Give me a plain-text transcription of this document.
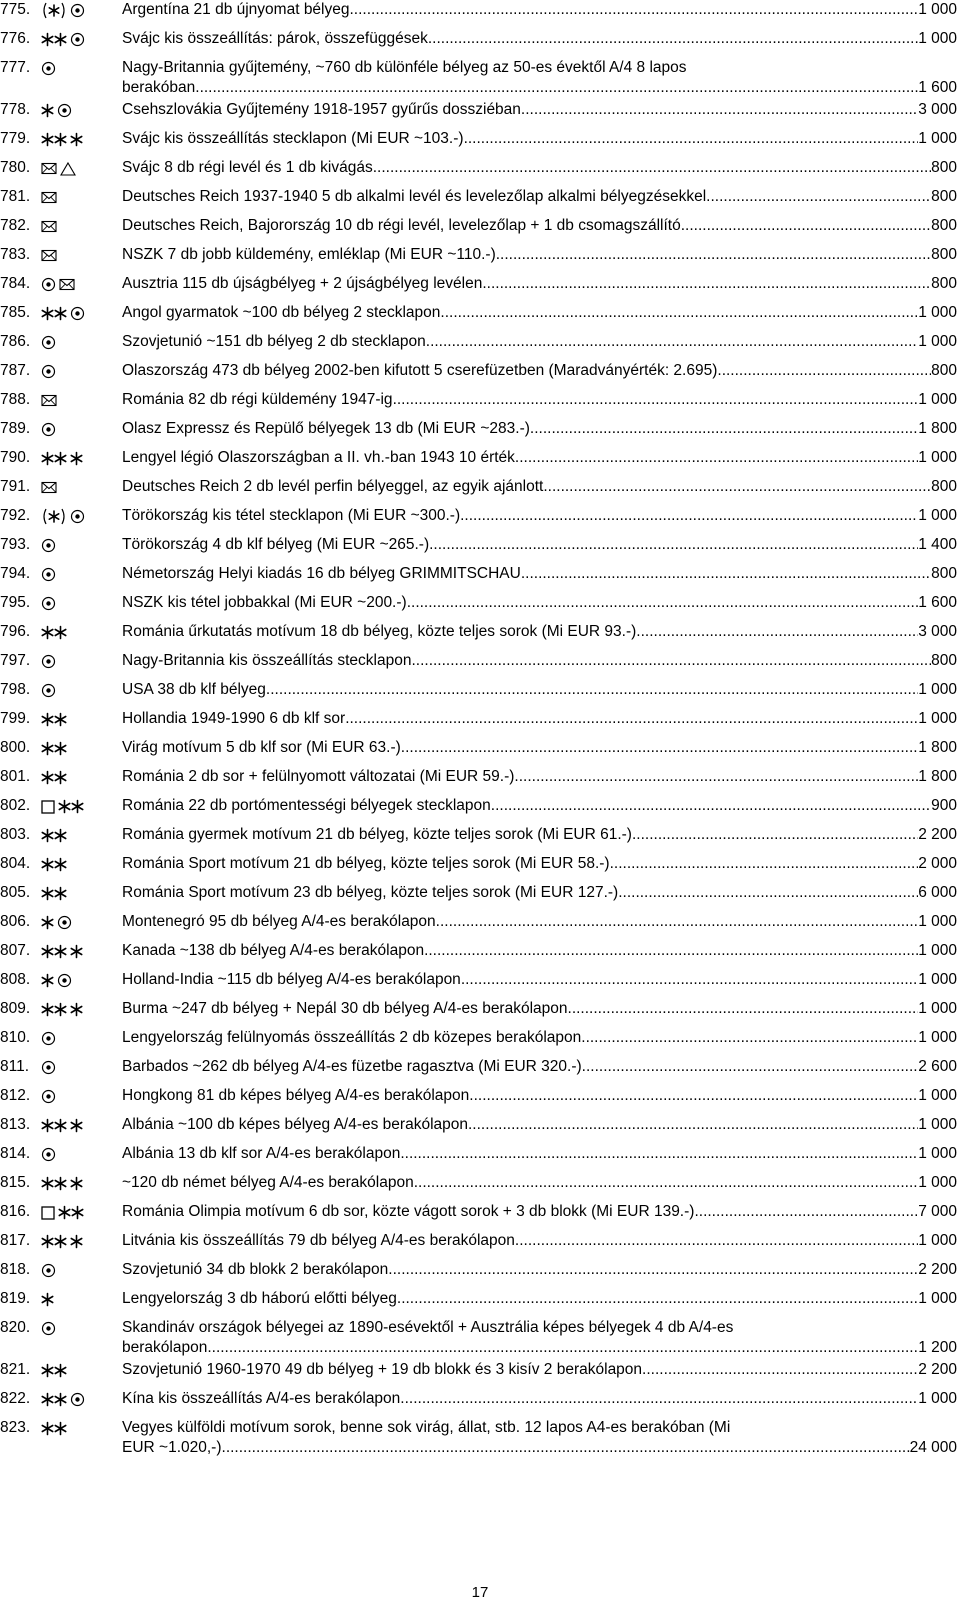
775.	Argentína 21 db újnyomat bélyeg .....	1 000
776.	Svájc kis összeállítás: párok, összefüggések .....	1 000
777.	Nagy-Britannia gyűjtemény, ~760 db különféle bélyeg az 50-es évektől A/4 8 lapos
berakóban .....	1 600
778.	Csehszlovákia Gyűjtemény 1918-1957 gyűrűs dossziéban .....	3 000
779.	Svájc kis összeállítás stecklapon (Mi EUR ~103.-) .....	1 000
780.	Svájc 8 db régi levél és 1 db kivágás .....	800
781.	Deutsches Reich 1937-1940 5 db alkalmi levél és levelezőlap alkalmi bélyegzésekkel .....	800
782.	Deutsches Reich, Bajorország 10 db régi levél, levelezőlap + 1 db csomagszállító .....	800
783.	NSZK 7 db jobb küldemény, emléklap (Mi EUR ~110.-) .....	800
784.	Ausztria 115 db újságbélyeg + 2 újságbélyeg levélen .....	800
785.	Angol gyarmatok ~100 db bélyeg 2 stecklapon .....	1 000
786.	Szovjetunió ~151 db bélyeg 2 db stecklapon .....	1 000
787.	Olaszország 473 db bélyeg 2002-ben kifutott 5 cserefüzetben (Maradványérték: 2.695) .....	800
788.	Románia 82 db régi küldemény 1947-ig .....	1 000
789.	Olasz Expressz és Repülő bélyegek 13 db (Mi EUR ~283.-) .....	1 800
790.	Lengyel légió Olaszországban a II. vh.-ban 1943 10 érték .....	1 000
791.	Deutsches Reich 2 db levél perfin bélyeggel, az egyik ajánlott .....	800
792.	Törökország kis tétel stecklapon (Mi EUR ~300.-) .....	1 000
793.	Törökország 4 db klf bélyeg (Mi EUR ~265.-) .....	1 400
794.	Németország Helyi kiadás 16 db bélyeg GRIMMITSCHAU .....	800
795.	NSZK kis tétel jobbakkal (Mi EUR ~200.-) .....	1 600
796.	Románia űrkutatás motívum 18 db bélyeg, közte teljes sorok (Mi EUR 93.-) .....	3 000
797.	Nagy-Britannia kis összeállítás stecklapon .....	800
798.	USA 38 db klf bélyeg .....	1 000
799.	Hollandia 1949-1990 6 db klf sor .....	1 000
800.	Virág motívum 5 db klf sor (Mi EUR 63.-) .....	1 800
801.	Románia 2 db sor + felülnyomott változatai (Mi EUR 59.-) .....	1 800
802.	Románia 22 db portómentességi bélyegek stecklapon .....	900
803.	Románia gyermek motívum 21 db bélyeg, közte teljes sorok (Mi EUR 61.-) .....	2 200
804.	Románia Sport motívum 21 db bélyeg, közte teljes sorok (Mi EUR 58.-) .....	2 000
805.	Románia Sport motívum 23 db bélyeg, közte teljes sorok (Mi EUR 127.-) .....	6 000
806.	Montenegró 95 db bélyeg A/4-es berakólapon .....	1 000
807.	Kanada ~138 db bélyeg A/4-es berakólapon .....	1 000
808.	Holland-India ~115 db bélyeg A/4-es berakólapon .....	1 000
809.	Burma ~247 db bélyeg + Nepál 30 db bélyeg A/4-es berakólapon .....	1 000
810.	Lengyelország felülnyomás összeállítás 2 db közepes berakólapon .....	1 000
811.	Barbados ~262 db bélyeg A/4-es füzetbe ragasztva (Mi EUR 320.-) .....	2 600
812.	Hongkong 81 db képes bélyeg A/4-es berakólapon .....	1 000
813.	Albánia ~100 db képes bélyeg A/4-es berakólapon .....	1 000
814.	Albánia 13 db klf sor A/4-es berakólapon .....	1 000
815.	~120 db német bélyeg A/4-es berakólapon .....	1 000
816.	Románia Olimpia motívum 6 db sor, közte vágott sorok + 3 db blokk (Mi EUR 139.-) .....	7 000
817.	Litvánia kis összeállítás 79 db bélyeg A/4-es berakólapon .....	1 000
818.	Szovjetunió 34 db blokk 2 berakólapon .....	2 200
819.	Lengyelország 3 db háború előtti bélyeg .....	1 000
820.	Skandináv országok bélyegei az 1890-esévektől + Ausztrália képes bélyegek 4 db A/4-es
berakólapon .....	1 200
821.	Szovjetunió 1960-1970 49 db bélyeg + 19 db blokk és 3 kisív 2 berakólapon .....	2 200
822.	Kína kis összeállítás A/4-es berakólapon .....	1 000
823.	Vegyes külföldi motívum sorok, benne sok virág, állat, stb. 12 lapos A4-es berakóban (Mi
EUR ~1.020,-) .....	24 000
17
